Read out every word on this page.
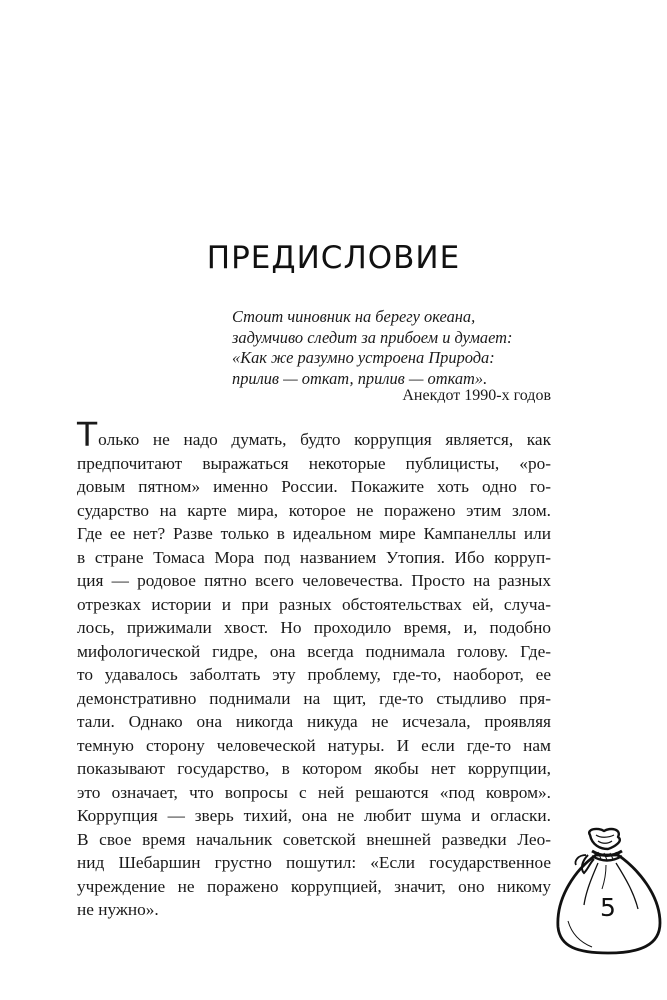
ПРЕДИСЛОВИЕ
Стоит чиновник на берегу океана,
задумчиво следит за прибоем и думает:
«Как же разумно устроена Природа:
прилив — откат, прилив — откат».
Анекдот 1990-х годов
Только не надо думать, будто коррупция является, как
предпочитают выражаться некоторые публицисты, «ро-
довым пятном» именно России. Покажите хоть одно го-
сударство на карте мира, которое не поражено этим злом.
Где ее нет? Разве только в идеальном мире Кампанеллы или
в стране Томаса Мора под названием Утопия. Ибо корруп-
ция — родовое пятно всего человечества. Просто на разных
отрезках истории и при разных обстоятельствах ей, случа-
лось, прижимали хвост. Но проходило время, и, подобно
мифологической гидре, она всегда поднимала голову. Где-
то удавалось заболтать эту проблему, где-то, наоборот, ее
демонстративно поднимали на щит, где-то стыдливо пря-
тали. Однако она никогда никуда не исчезала, проявляя
темную сторону человеческой натуры. И если где-то нам
показывают государство, в котором якобы нет коррупции,
это означает, что вопросы с ней решаются «под ковром».
Коррупция — зверь тихий, она не любит шума и огласки.
В свое время начальник советской внешней разведки Лео-
нид Шебаршин грустно пошутил: «Если государственное
учреждение не поражено коррупцией, значит, оно никому
не нужно».	5
